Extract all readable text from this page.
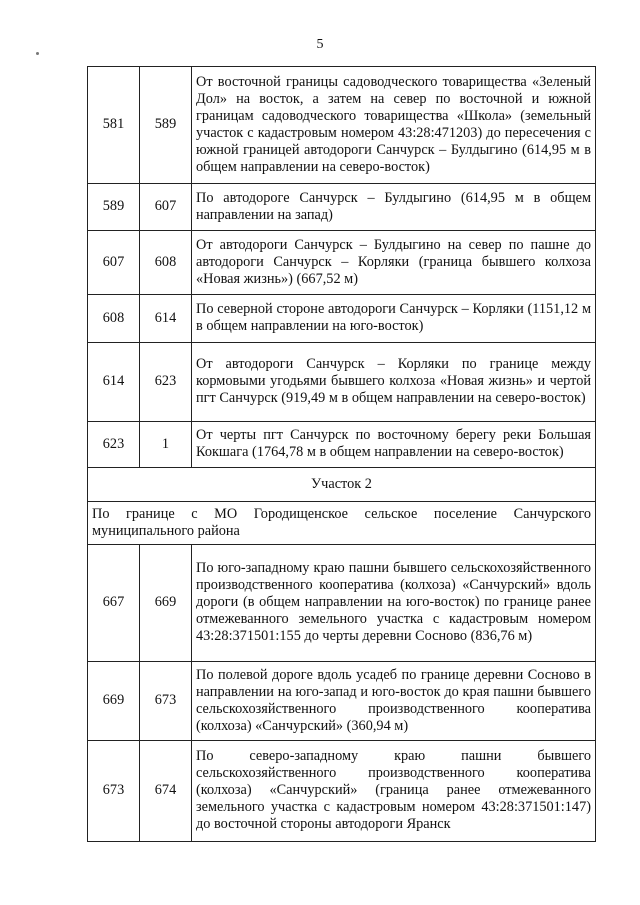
5
581	589	От восточной границы садоводческого товарищества «Зеленый Дол» на восток, а затем на север по восточной и южной границам садоводческого товарищества «Школа» (земельный участок с кадастровым номером 43:28:471203) до пересечения с южной границей автодороги Санчурск – Булдыгино (614,95 м в общем направлении на северо-восток)
589	607	По автодороге Санчурск – Булдыгино (614,95 м в общем направлении на запад)
607	608	От автодороги Санчурск – Булдыгино на север по пашне до автодороги Санчурск – Корляки (граница бывшего колхоза «Новая жизнь») (667,52 м)
608	614	По северной стороне автодороги Санчурск – Корляки (1151,12 м в общем направлении на юго-восток)
614	623	От автодороги Санчурск – Корляки по границе между кормовыми угодьями бывшего колхоза «Новая жизнь» и чертой пгт Санчурск (919,49 м в общем направлении на северо-восток)
623	1	От черты пгт Санчурск по восточному берегу реки Большая Кокшага (1764,78 м в общем направлении на северо-восток)
Участок 2		
По границе с МО Городищенское сельское поселение Санчурского муниципального района		
667	669	По юго-западному краю пашни бывшего сельскохозяйственного производственного кооператива (колхоза) «Санчурский» вдоль дороги (в общем направлении на юго-восток) по границе ранее отмежеванного земельного участка с кадастровым номером 43:28:371501:155 до черты деревни Сосново (836,76 м)
669	673	По полевой дороге вдоль усадеб по границе деревни Сосново в направлении на юго-запад и юго-восток до края пашни бывшего сельскохозяйственного производственного кооператива (колхоза) «Санчурский» (360,94 м)
673	674	По северо-западному краю пашни бывшего сельскохозяйственного производственного кооператива (колхоза) «Санчурский» (граница ранее отмежеванного земельного участка с кадастровым номером 43:28:371501:147) до восточной стороны автодороги Яранск
